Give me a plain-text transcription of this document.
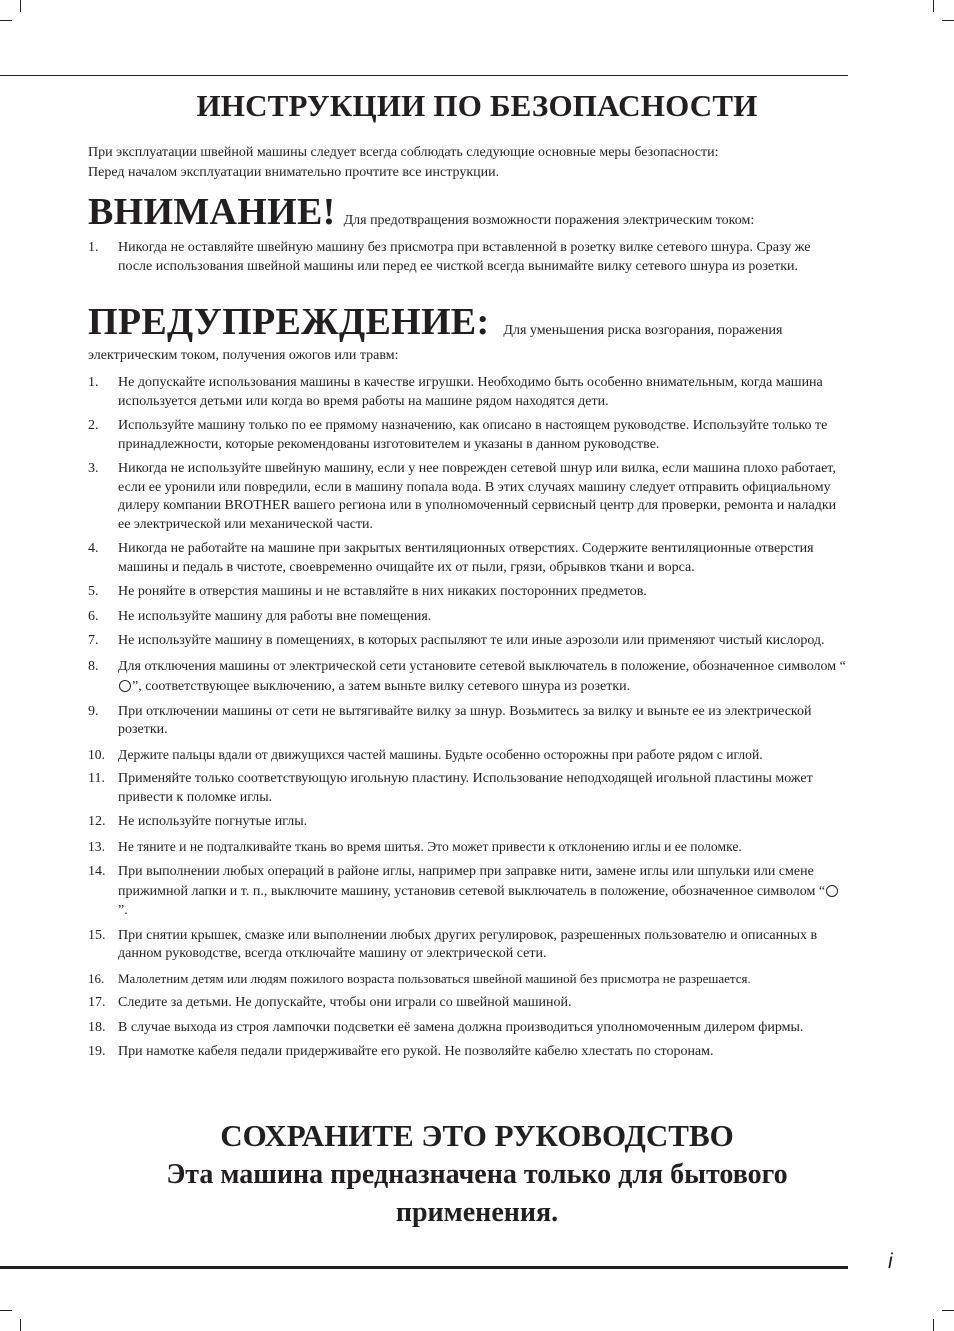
ИНСТРУКЦИИ ПО БЕЗОПАСНОСТИ
При эксплуатации швейной машины следует всегда соблюдать следующие основные меры безопасности:
Перед началом эксплуатации внимательно прочтите все инструкции.
ВНИМАНИЕ! Для предотвращения возможности поражения электрическим током:
1. Никогда не оставляйте швейную машину без присмотра при вставленной в розетку вилке сетевого шнура. Сразу же после использования швейной машины или перед ее чисткой всегда вынимайте вилку сетевого шнура из розетки.
ПРЕДУПРЕЖДЕНИЕ: Для уменьшения риска возгорания, поражения
электрическим током, получения ожогов или травм:
1. Не допускайте использования машины в качестве игрушки. Необходимо быть особенно внимательным, когда машина используется детьми или когда во время работы на машине рядом находятся дети.
2. Используйте машину только по ее прямому назначению, как описано в настоящем руководстве. Используйте только те принадлежности, которые рекомендованы изготовителем и указаны в данном руководстве.
3. Никогда не используйте швейную машину, если у нее поврежден сетевой шнур или вилка, если машина плохо работает, если ее уронили или повредили, если в машину попала вода. В этих случаях машину следует отправить официальному дилеру компании BROTHER вашего региона или в уполномоченный сервисный центр для проверки, ремонта и наладки ее электрической или механической части.
4. Никогда не работайте на машине при закрытых вентиляционных отверстиях. Содержите вентиляционные отверстия машины и педаль в чистоте, своевременно очищайте их от пыли, грязи, обрывков ткани и ворса.
5. Не роняйте в отверстия машины и не вставляйте в них никаких посторонних предметов.
6. Не используйте машину для работы вне помещения.
7. Не используйте машину в помещениях, в которых распыляют те или иные аэрозоли или применяют чистый кислород.
8. Для отключения машины от электрической сети установите сетевой выключатель в положение, обозначенное символом “”, соответствующее выключению, а затем выньте вилку сетевого шнура из розетки.
9. При отключении машины от сети не вытягивайте вилку за шнур. Возьмитесь за вилку и выньте ее из электрической розетки.
10. Держите пальцы вдали от движущихся частей машины. Будьте особенно осторожны при работе рядом с иглой.
11. Применяйте только соответствующую игольную пластину. Использование неподходящей игольной пластины может привести к поломке иглы.
12. Не используйте погнутые иглы.
13. Не тяните и не подталкивайте ткань во время шитья. Это может привести к отклонению иглы и ее поломке.
14. При выполнении любых операций в районе иглы, например при заправке нити, замене иглы или шпульки или смене прижимной лапки и т. п., выключите машину, установив сетевой выключатель в положение, обозначенное символом “”.
15. При снятии крышек, смазке или выполнении любых других регулировок, разрешенных пользователю и описанных в данном руководстве, всегда отключайте машину от электрической сети.
16. Малолетним детям или людям пожилого возраста пользоваться швейной машиной без присмотра не разрешается.
17. Следите за детьми. Не допускайте, чтобы они играли со швейной машиной.
18. В случае выхода из строя лампочки подсветки её замена должна производиться уполномоченным дилером фирмы.
19. При намотке кабеля педали придерживайте его рукой. Не позволяйте кабелю хлестать по сторонам.
СОХРАНИТЕ ЭТО РУКОВОДСТВО
Эта машина предназначена только для бытового
применения.
i
